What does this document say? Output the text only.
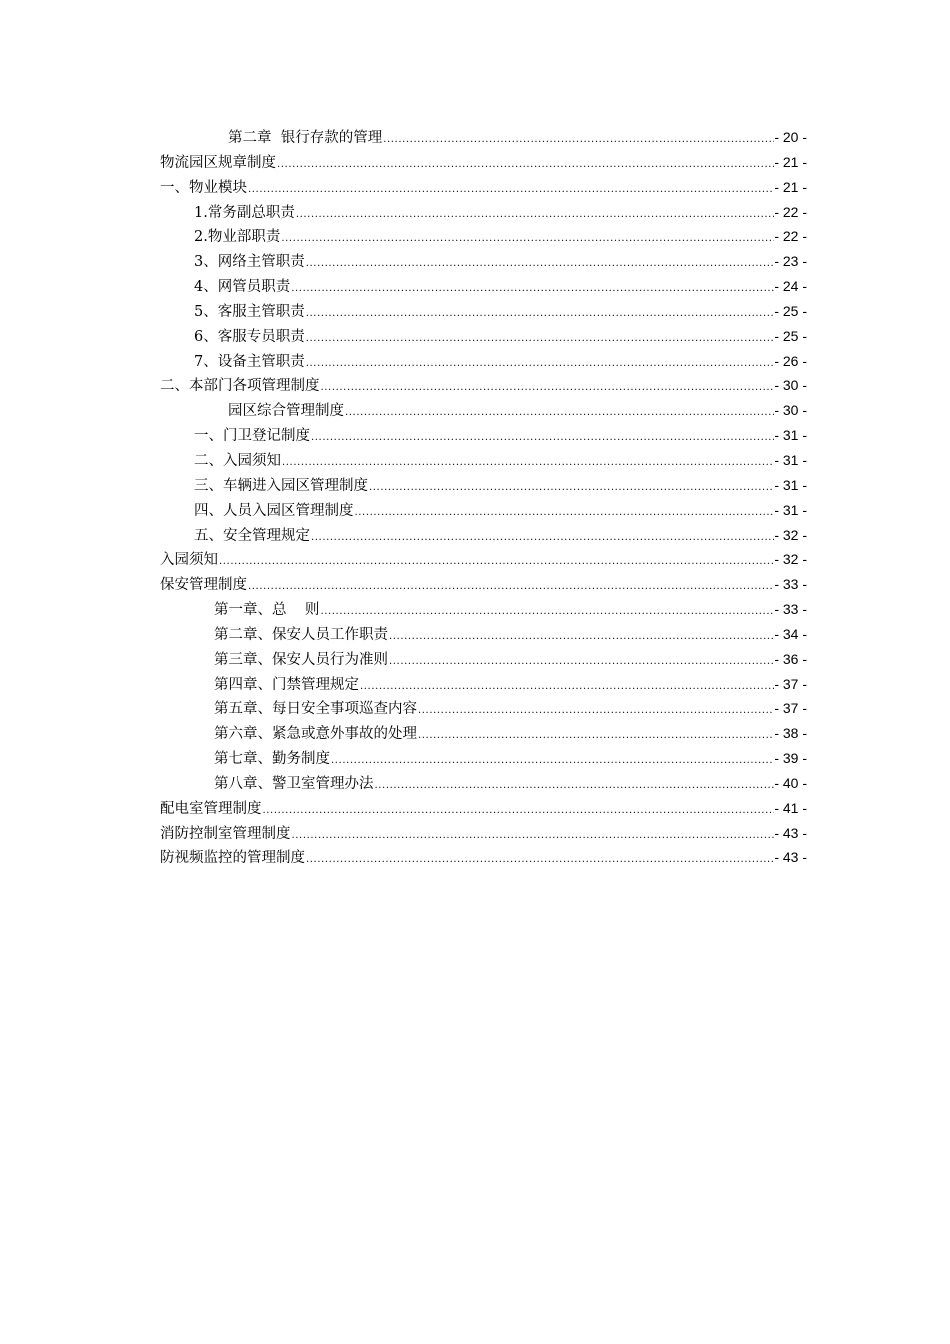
第二章  银行存款的管理 .....	- 20 -
物流园区规章制度 .....	- 21 -
一、物业模块 .....	- 21 -
1.常务副总职责 .....	- 22 -
2.物业部职责 .....	- 22 -
3、网络主管职责 .....	- 23 -
4、网管员职责 .....	- 24 -
5、客服主管职责 .....	- 25 -
6、客服专员职责 .....	- 25 -
7、设备主管职责 .....	- 26 -
二、本部门各项管理制度 .....	- 30 -
园区综合管理制度 .....	- 30 -
一、门卫登记制度 .....	- 31 -
二、入园须知 .....	- 31 -
三、车辆进入园区管理制度 .....	- 31 -
四、人员入园区管理制度 .....	- 31 -
五、安全管理规定 .....	- 32 -
入园须知 .....	- 32 -
保安管理制度 .....	- 33 -
第一章、总    则 .....	- 33 -
第二章、保安人员工作职责 .....	- 34 -
第三章、保安人员行为准则 .....	- 36 -
第四章、门禁管理规定 .....	- 37 -
第五章、每日安全事项巡查内容 .....	- 37 -
第六章、紧急或意外事故的处理 .....	- 38 -
第七章、勤务制度 .....	- 39 -
第八章、警卫室管理办法 .....	- 40 -
配电室管理制度 .....	- 41 -
消防控制室管理制度 .....	- 43 -
防视频监控的管理制度 .....	- 43 -
